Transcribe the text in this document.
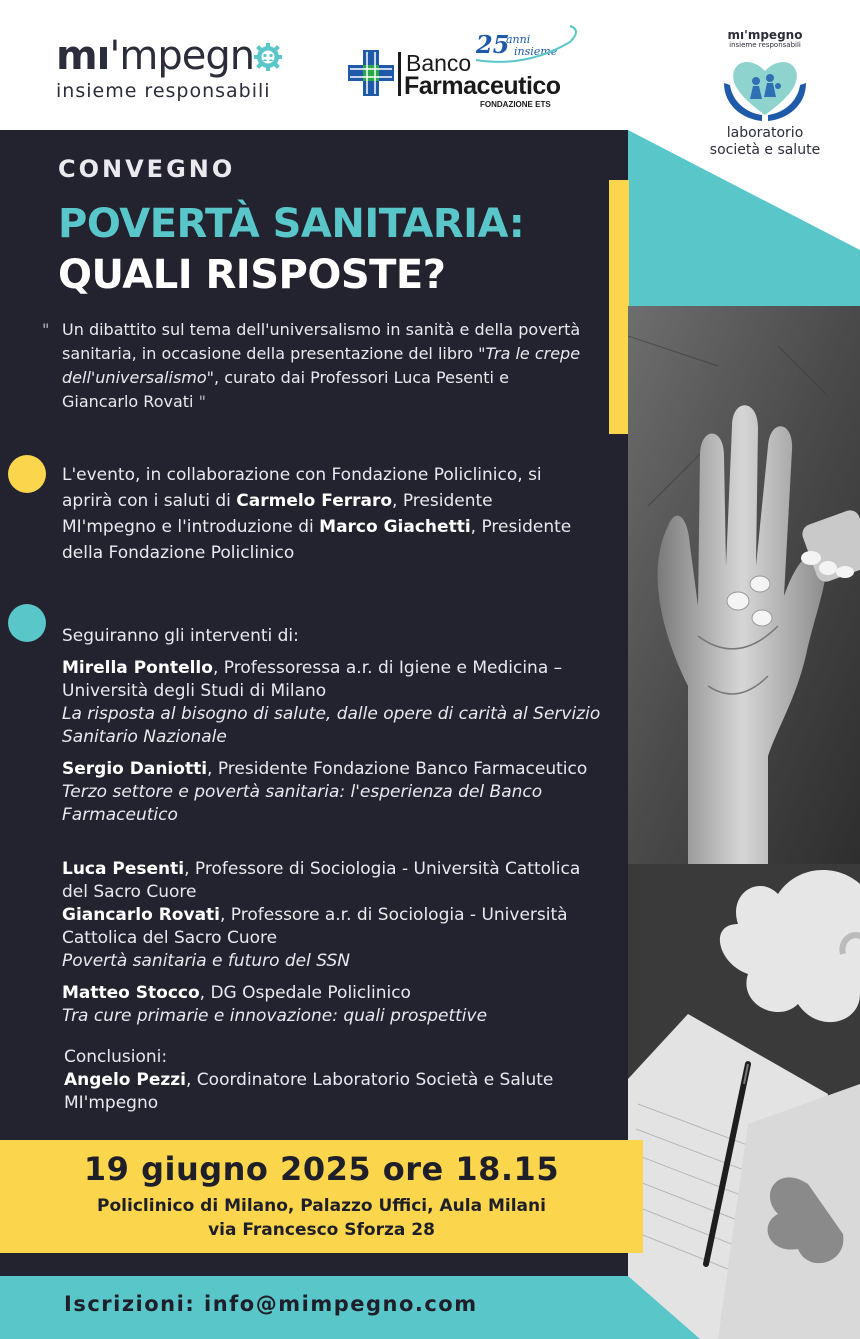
mı'mpegn
insieme responsabili
Banco
Farmaceutico
FONDAZIONE ETS
25
anni
insieme
mı'mpegno
insieme responsabili
laboratorio
società e salute
CONVEGNO
POVERTÀ SANITARIA:
QUALI RISPOSTE?
" Un dibattito sul tema dell'universalismo in sanità e della povertà sanitaria, in occasione della presentazione del libro "Tra le crepe dell'universalismo", curato dai Professori Luca Pesenti e Giancarlo Rovati "
L'evento, in collaborazione con Fondazione Policlinico, si aprirà con i saluti di Carmelo Ferraro, Presidente MI'mpegno e l'introduzione di Marco Giachetti, Presidente della Fondazione Policlinico
Seguiranno gli interventi di:
Mirella Pontello, Professoressa a.r. di Igiene e Medicina – Università degli Studi di Milano
La risposta al bisogno di salute, dalle opere di carità al Servizio Sanitario Nazionale
Sergio Daniotti, Presidente Fondazione Banco Farmaceutico
Terzo settore e povertà sanitaria: l'esperienza del Banco Farmaceutico
Luca Pesenti, Professore di Sociologia - Università Cattolica del Sacro Cuore
Giancarlo Rovati, Professore a.r. di Sociologia - Università Cattolica del Sacro Cuore
Povertà sanitaria e futuro del SSN
Matteo Stocco, DG Ospedale Policlinico
Tra cure primarie e innovazione: quali prospettive
Conclusioni:
Angelo Pezzi, Coordinatore Laboratorio Società e Salute MI'mpegno
19 giugno 2025 ore 18.15
Policlinico di Milano, Palazzo Uffici, Aula Milani
via Francesco Sforza 28
Iscrizioni: info@mimpegno.com
